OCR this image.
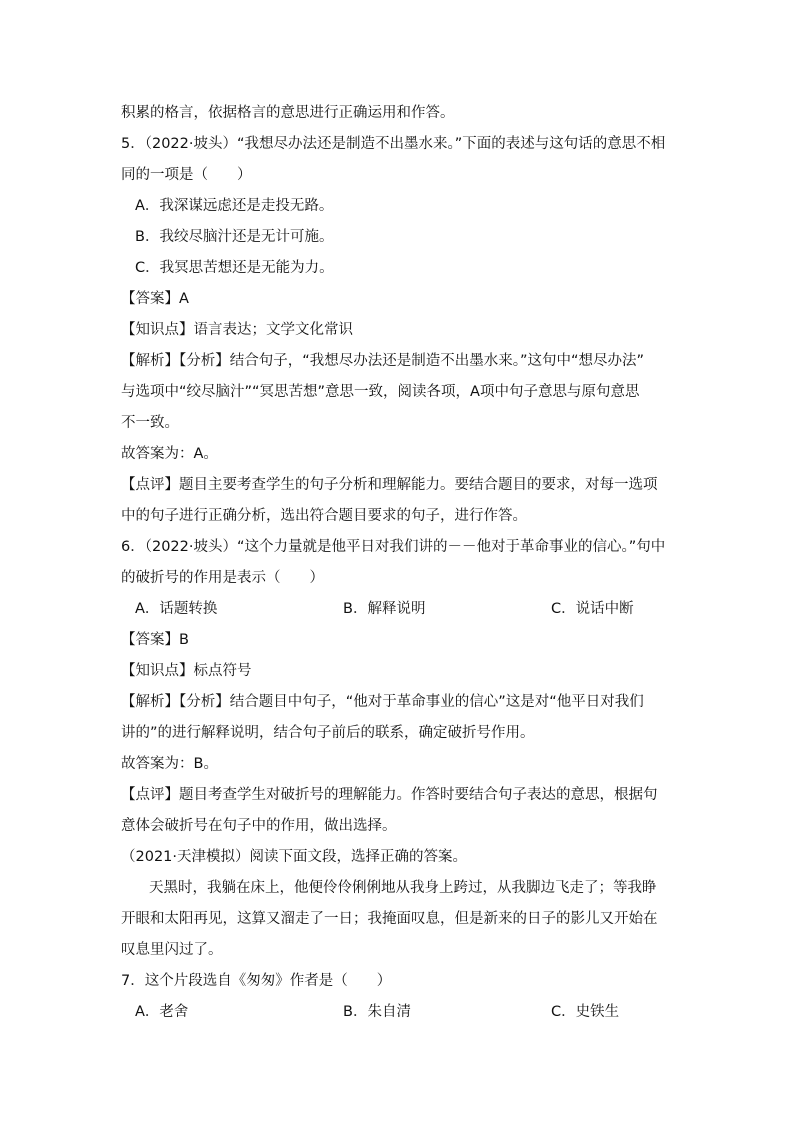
积累的格言，依据格言的意思进行正确运用和作答。

5．（2022·坡头）“我想尽办法还是制造不出墨水来。”下面的表述与这句话的意思不相

同的一项是（　　）

A．我深谋远虑还是走投无路。

B．我绞尽脑汁还是无计可施。

C．我冥思苦想还是无能为力。

【答案】A

【知识点】语言表达；文学文化常识

【解析】【分析】结合句子，“我想尽办法还是制造不出墨水来。”这句中“想尽办法”

与选项中“绞尽脑汁”“冥思苦想”意思一致，阅读各项，A项中句子意思与原句意思

不一致。

故答案为：A。

【点评】题目主要考查学生的句子分析和理解能力。要结合题目的要求，对每一选项

中的句子进行正确分析，选出符合题目要求的句子，进行作答。

6．（2022·坡头）“这个力量就是他平日对我们讲的－－他对于革命事业的信心。”句中

的破折号的作用是表示（　　）

A．话题转换	B．解释说明	C．说话中断

【答案】B

【知识点】标点符号

【解析】【分析】结合题目中句子，“他对于革命事业的信心”这是对“他平日对我们

讲的”的进行解释说明，结合句子前后的联系，确定破折号作用。

故答案为：B。

【点评】题目考查学生对破折号的理解能力。作答时要结合句子表达的意思，根据句

意体会破折号在句子中的作用，做出选择。

（2021·天津模拟）阅读下面文段，选择正确的答案。

天黑时，我躺在床上，他便伶伶俐俐地从我身上跨过，从我脚边飞走了；等我睁

开眼和太阳再见，这算又溜走了一日；我掩面叹息，但是新来的日子的影儿又开始在

叹息里闪过了。

7．这个片段选自《匆匆》作者是（　　）

A．老舍	B．朱自清	C．史铁生
